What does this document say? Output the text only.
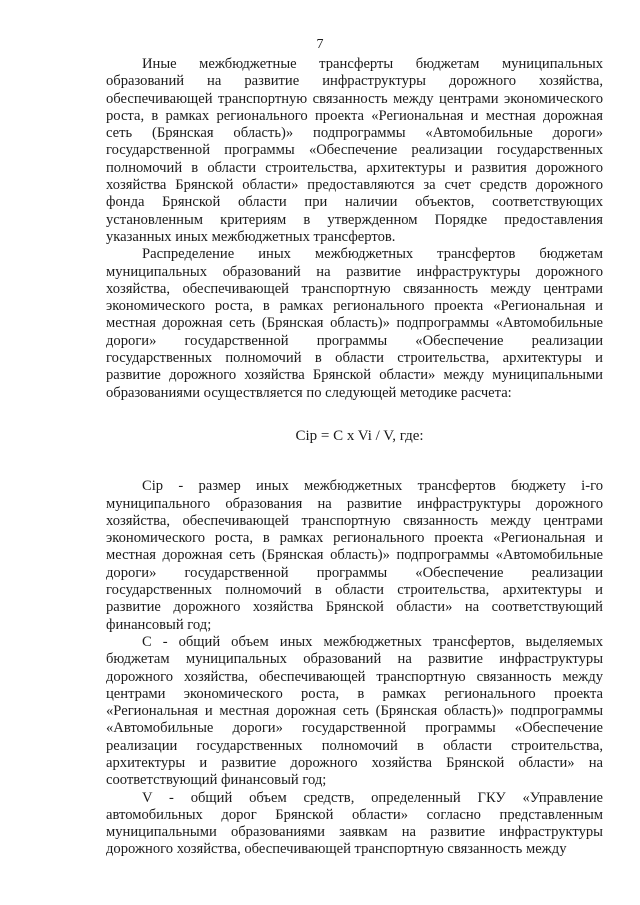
7

Иные межбюджетные трансферты бюджетам муниципальных образований на развитие инфраструктуры дорожного хозяйства, обеспечивающей транспортную связанность между центрами экономического роста, в рамках регионального проекта «Региональная и местная дорожная сеть (Брянская область)» подпрограммы «Автомобильные дороги» государственной программы «Обеспечение реализации государственных полномочий в области строительства, архитектуры и развития дорожного хозяйства Брянской области» предоставляются за счет средств дорожного фонда Брянской области при наличии объектов, соответствующих установленным критериям в утвержденном Порядке предоставления указанных иных межбюджетных трансфертов.

Распределение иных межбюджетных трансфертов бюджетам муниципальных образований на развитие инфраструктуры дорожного хозяйства, обеспечивающей транспортную связанность между центрами экономического роста, в рамках регионального проекта «Региональная и местная дорожная сеть (Брянская область)» подпрограммы «Автомобильные дороги» государственной программы «Обеспечение реализации государственных полномочий в области строительства, архитектуры и развитие дорожного хозяйства Брянской области» между муниципальными образованиями осуществляется по следующей методике расчета:

Сiр = С x Vi / V, где:

Сiр - размер иных межбюджетных трансфертов бюджету i-го муниципального образования на развитие инфраструктуры дорожного хозяйства, обеспечивающей транспортную связанность между центрами экономического роста, в рамках регионального проекта «Региональная и местная дорожная сеть (Брянская область)» подпрограммы «Автомобильные дороги» государственной программы «Обеспечение реализации государственных полномочий в области строительства, архитектуры и развитие дорожного хозяйства Брянской области» на соответствующий финансовый год;

С - общий объем иных межбюджетных трансфертов, выделяемых бюджетам муниципальных образований на развитие инфраструктуры дорожного хозяйства, обеспечивающей транспортную связанность между центрами экономического роста, в рамках регионального проекта «Региональная и местная дорожная сеть (Брянская область)» подпрограммы «Автомобильные дороги» государственной программы «Обеспечение реализации государственных полномочий в области строительства, архитектуры и развитие дорожного хозяйства Брянской области» на соответствующий финансовый год;

V - общий объем средств, определенный ГКУ «Управление автомобильных дорог Брянской области» согласно представленным муниципальными образованиями заявкам на развитие инфраструктуры дорожного хозяйства, обеспечивающей транспортную связанность между
